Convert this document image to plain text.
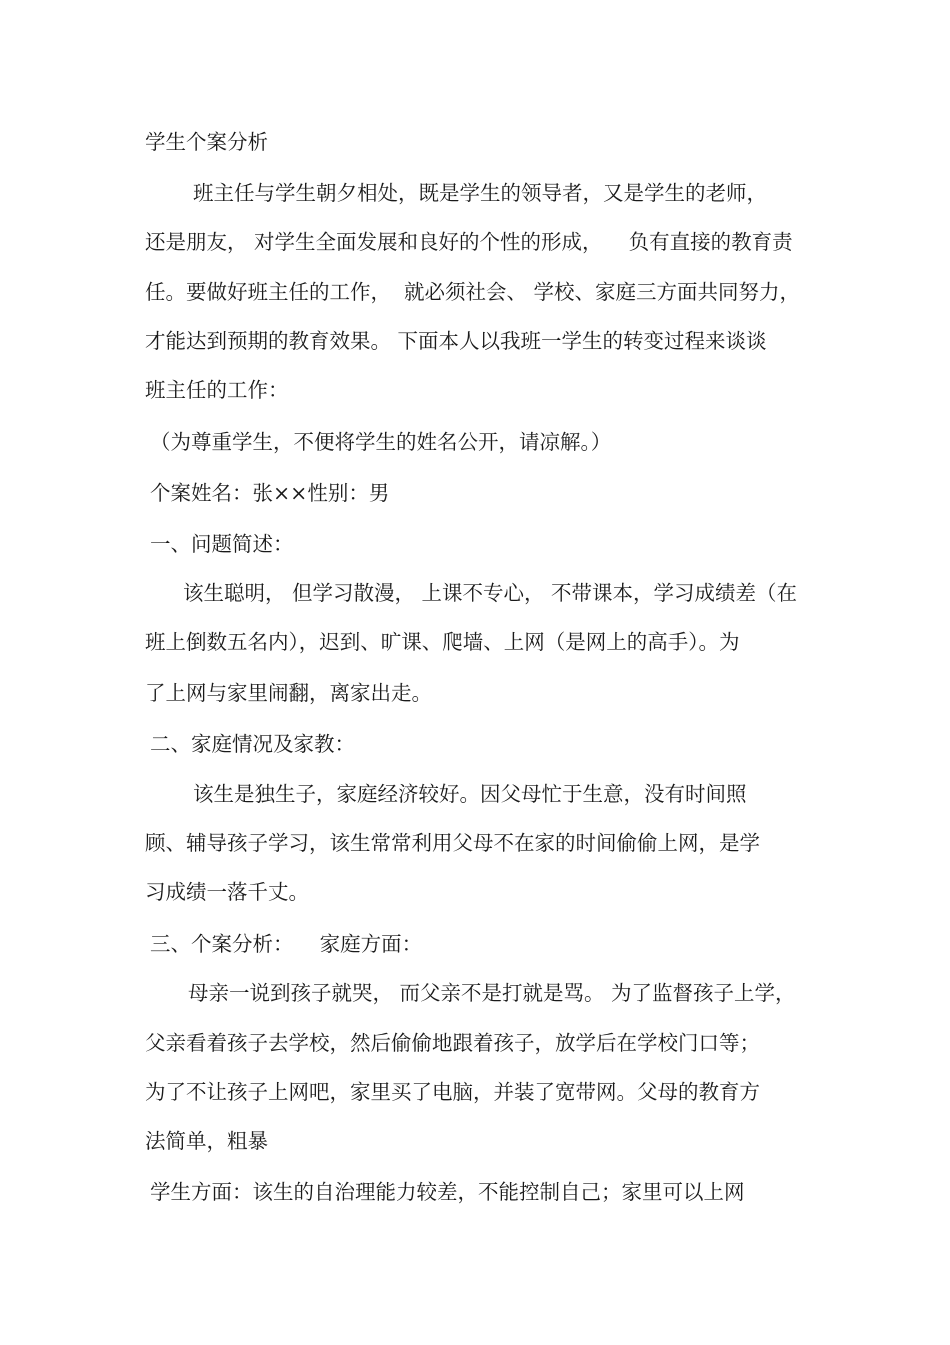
学生个案分析

班主任与学生朝夕相处，既是学生的领导者，又是学生的老师，

还是朋友， 对学生全面发展和良好的个性的形成，    负有直接的教育责

任。要做好班主任的工作，  就必须社会、 学校、家庭三方面共同努力，

才能达到预期的教育效果。 下面本人以我班一学生的转变过程来谈谈

班主任的工作：

（为尊重学生，不便将学生的姓名公开，请凉解。）

个案姓名：张××性别：男

一、问题简述：

该生聪明， 但学习散漫， 上课不专心， 不带课本，学习成绩差（在

班上倒数五名内），迟到、旷课、爬墙、上网（是网上的高手）。为

了上网与家里闹翻，离家出走。

二、家庭情况及家教：

该生是独生子，家庭经济较好。因父母忙于生意，没有时间照

顾、辅导孩子学习，该生常常利用父母不在家的时间偷偷上网，是学

习成绩一落千丈。

三、个案分析：    家庭方面：

母亲一说到孩子就哭， 而父亲不是打就是骂。 为了监督孩子上学，

父亲看着孩子去学校，然后偷偷地跟着孩子，放学后在学校门口等；

为了不让孩子上网吧，家里买了电脑，并装了宽带网。父母的教育方

法简单，粗暴

学生方面：该生的自治理能力较差，不能控制自己；家里可以上网
